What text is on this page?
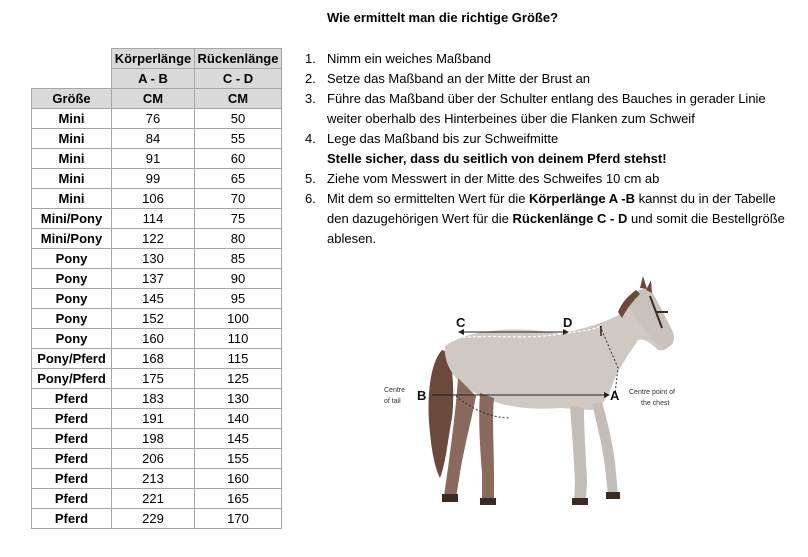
Wie ermittelt man die richtige Größe?
	Körperlänge	Rückenlänge
	A - B	C - D
Größe	CM	CM
Mini	76	50
Mini	84	55
Mini	91	60
Mini	99	65
Mini	106	70
Mini/Pony	114	75
Mini/Pony	122	80
Pony	130	85
Pony	137	90
Pony	145	95
Pony	152	100
Pony	160	110
Pony/Pferd	168	115
Pony/Pferd	175	125
Pferd	183	130
Pferd	191	140
Pferd	198	145
Pferd	206	155
Pferd	213	160
Pferd	221	165
Pferd	229	170
1. Nimm ein weiches Maßband
2. Setze das Maßband an der Mitte der Brust an
3. Führe das Maßband über der Schulter entlang des Bauches in gerader Linie
weiter oberhalb des Hinterbeines über die Flanken zum Schweif
4. Lege das Maßband bis zur Schweifmitte
Stelle sicher, dass du seitlich von deinem Pferd stehst!
5. Ziehe vom Messwert in der Mitte des Schweifes 10 cm ab
6. Mit dem so ermittelten Wert für die Körperlänge A -B kannst du in der Tabelle
den dazugehörigen Wert für die Rückenlänge C - D und somit die Bestellgröße
ablesen.
C	D
B	A
Centre
of tail
Centre point of
the chest
